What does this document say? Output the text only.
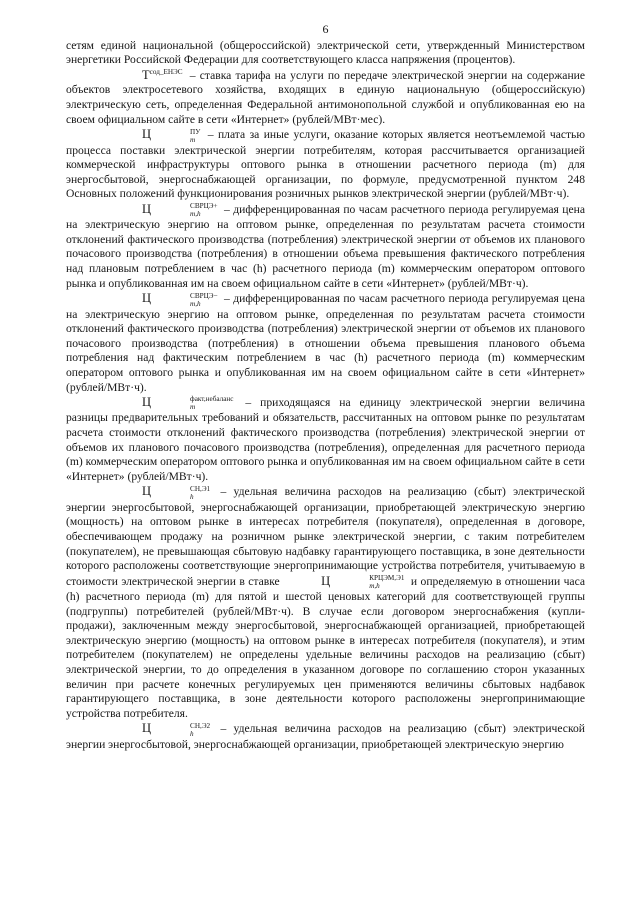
6

сетям единой национальной (общероссийской) электрической сети, утвержденный Министерством энергетики Российской Федерации для соответствующего класса напряжения (процентов).

$Т^{сод\_ЕНЭС}$ – ставка тарифа на услуги по передаче электрической энергии на содержание объектов электросетевого хозяйства, входящих в единую национальную (общероссийскую) электрическую сеть, определенная Федеральной антимонопольной службой и опубликованная ею на своем официальном сайте в сети «Интернет» (рублей/МВт·мес).

Ц	ПУ
m – плата за иные услуги, оказание которых является неотъемлемой частью процесса поставки электрической энергии потребителям, которая рассчитывается организацией коммерческой инфраструктуры оптового рынка в отношении расчетного периода (m) для энергосбытовой, энергоснабжающей организации, по формуле, предусмотренной пунктом 248 Основных положений функционирования розничных рынков электрической энергии (рублей/МВт·ч).

Ц	СВРЦЭ+
m,h	– дифференцированная по часам расчетного периода регулируемая цена на электрическую энергию на оптовом рынке, определенная по результатам расчета стоимости отклонений фактического производства (потребления) электрической энергии от объемов их планового почасового производства (потребления) в отношении объема превышения фактического потребления над плановым потреблением в час (h) расчетного периода (m) коммерческим оператором оптового рынка и опубликованная им на своем официальном сайте в сети «Интернет» (рублей/МВт·ч).

Ц	СВРЦЭ−
m,h	– дифференцированная по часам расчетного периода регулируемая цена на электрическую энергию на оптовом рынке, определенная по результатам расчета стоимости отклонений фактического производства (потребления) электрической энергии от объемов их планового почасового производства (потребления) в отношении объема превышения планового объема потребления над фактическим потреблением в час (h) расчетного периода (m) коммерческим оператором оптового рынка и опубликованная им на своем официальном сайте в сети «Интернет» (рублей/МВт·ч).

Ц	факт,небаланс
m	– приходящаяся на единицу электрической энергии величина разницы предварительных требований и обязательств, рассчитанных на оптовом рынке по результатам расчета стоимости отклонений фактического производства (потребления) электрической энергии от объемов их планового почасового производства (потребления), определенная для расчетного периода (m) коммерческим оператором оптового рынка и опубликованная им на своем официальном сайте в сети «Интернет» (рублей/МВт·ч).

Ц	СН,Э1
h	– удельная величина расходов на реализацию (сбыт) электрической энергии энергосбытовой, энергоснабжающей организации, приобретающей электрическую энергию (мощность) на оптовом рынке в интересах потребителя (покупателя), определенная в договоре, обеспечивающем продажу на розничном рынке электрической энергии, с таким потребителем (покупателем), не превышающая сбытовую надбавку гарантирующего поставщика, в зоне деятельности которого расположены соответствующие энергопринимающие устройства потребителя, учитываемую в стоимости электрической энергии в ставке	Ц	КРЦЭМ,Э1
m,h	и определяемую в отношении часа (h) расчетного периода (m) для пятой и шестой ценовых категорий для соответствующей группы (подгруппы) потребителей (рублей/МВт·ч). В случае если договором энергоснабжения (купли-продажи), заключенным между энергосбытовой, энергоснабжающей организацией, приобретающей электрическую энергию (мощность) на оптовом рынке в интересах потребителя (покупателя), и этим потребителем (покупателем) не определены удельные величины расходов на реализацию (сбыт) электрической энергии, то до определения в указанном договоре по соглашению сторон указанных величин при расчете конечных регулируемых цен применяются величины сбытовых надбавок гарантирующего поставщика, в зоне деятельности которого расположены энергопринимающие устройства потребителя.

Ц	СН,Э2
h	– удельная величина расходов на реализацию (сбыт) электрической энергии энергосбытовой, энергоснабжающей организации, приобретающей электрическую энергию
